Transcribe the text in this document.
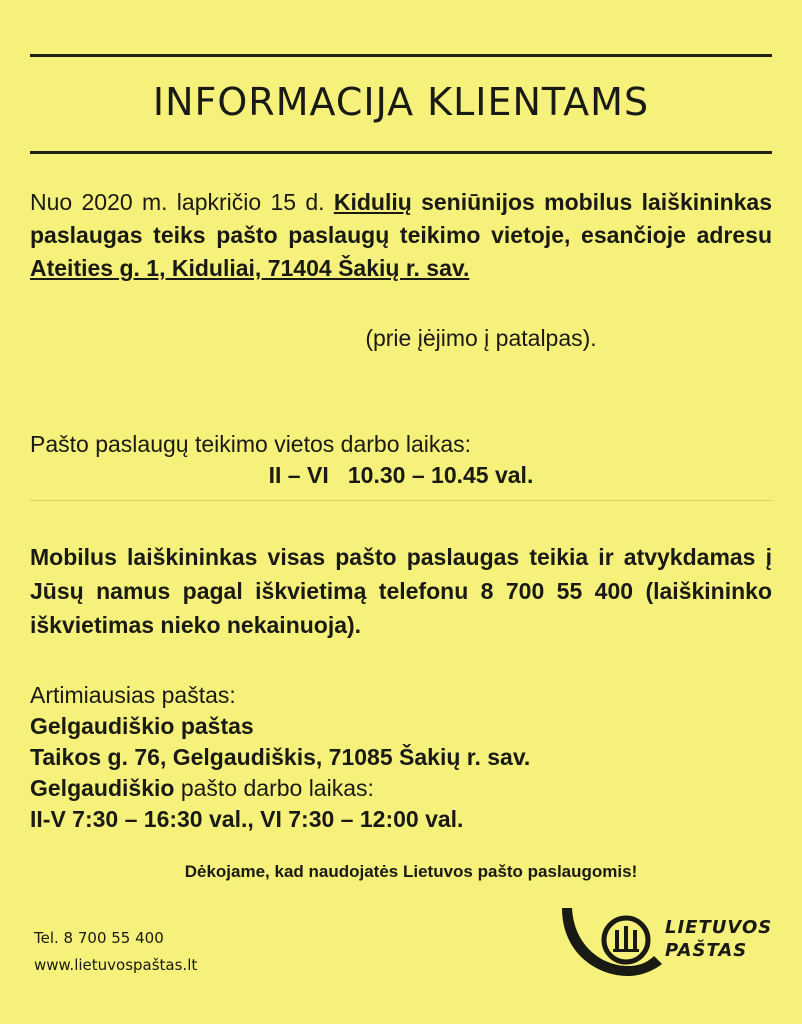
INFORMACIJA KLIENTAMS
Nuo 2020 m. lapkričio 15 d. Kidulių seniūnijos mobilus laiškininkas paslaugas teiks pašto paslaugų teikimo vietoje, esančioje adresu Ateities g. 1, Kiduliai, 71404 Šakių r. sav.
(prie įėjimo į patalpas).
Pašto paslaugų teikimo vietos darbo laikas:
II – VI   10.30 – 10.45 val.
Mobilus laiškininkas visas pašto paslaugas teikia ir atvykdamas į Jūsų namus pagal iškvietimą telefonu 8 700 55 400 (laiškininko iškvietimas nieko nekainuoja).
Artimiausias paštas:
Gelgaudiškio paštas
Taikos g. 76, Gelgaudiškis, 71085 Šakių r. sav.
Gelgaudiškio pašto darbo laikas:
II-V 7:30 – 16:30 val., VI 7:30 – 12:00 val.
Dėkojame, kad naudojatės Lietuvos pašto paslaugomis!
Tel. 8 700 55 400
www.lietuvospaštas.lt
LIETUVOS
PAŠTAS
